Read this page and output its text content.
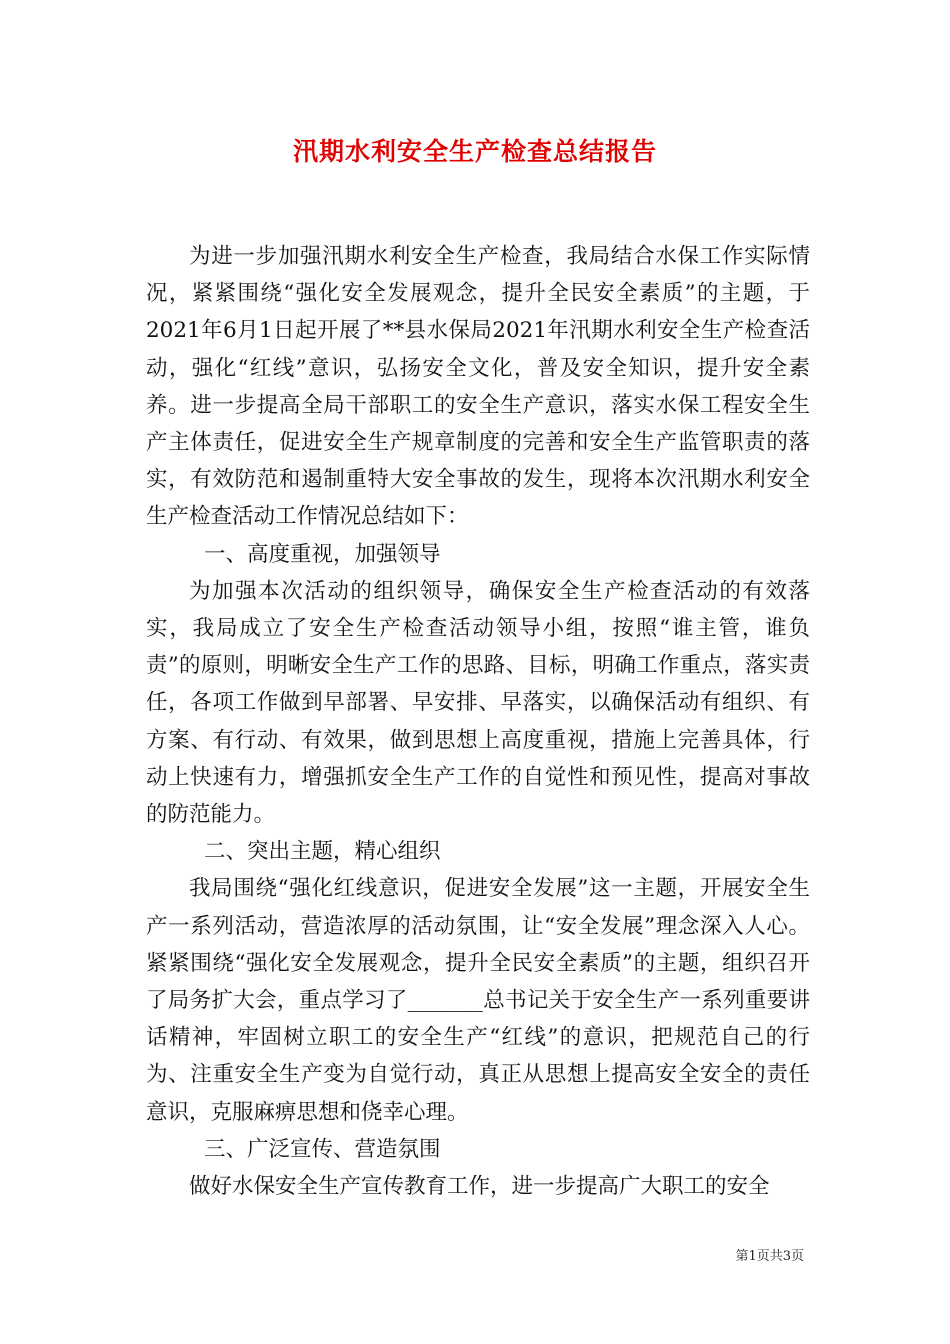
汛期水利安全生产检查总结报告

为进一步加强汛期水利安全生产检查，我局结合水保工作实际情况，紧紧围绕“强化安全发展观念，提升全民安全素质”的主题，于2021年6月1日起开展了**县水保局2021年汛期水利安全生产检查活动，强化“红线”意识，弘扬安全文化，普及安全知识，提升安全素养。进一步提高全局干部职工的安全生产意识，落实水保工程安全生产主体责任，促进安全生产规章制度的完善和安全生产监管职责的落实，有效防范和遏制重特大安全事故的发生，现将本次汛期水利安全生产检查活动工作情况总结如下：

一、高度重视，加强领导

为加强本次活动的组织领导，确保安全生产检查活动的有效落实，我局成立了安全生产检查活动领导小组，按照“谁主管，谁负责”的原则，明晰安全生产工作的思路、目标，明确工作重点，落实责任，各项工作做到早部署、早安排、早落实，以确保活动有组织、有方案、有行动、有效果，做到思想上高度重视，措施上完善具体，行动上快速有力，增强抓安全生产工作的自觉性和预见性，提高对事故的防范能力。

二、突出主题，精心组织

我局围绕“强化红线意识，促进安全发展”这一主题，开展安全生产一系列活动，营造浓厚的活动氛围，让“安全发展”理念深入人心。紧紧围绕“强化安全发展观念，提升全民安全素质”的主题，组织召开了局务扩大会，重点学习了_______总书记关于安全生产一系列重要讲话精神，牢固树立职工的安全生产“红线”的意识，把规范自己的行为、注重安全生产变为自觉行动，真正从思想上提高安全安全的责任意识，克服麻痹思想和侥幸心理。

三、广泛宣传、营造氛围

做好水保安全生产宣传教育工作，进一步提高广大职工的安全

第1页共3页
